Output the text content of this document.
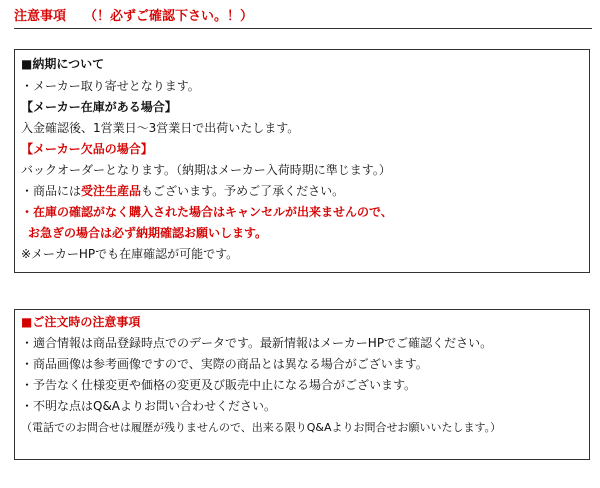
注意事項 （！必ずご確認下さい。！）
■納期について
・メーカー取り寄せとなります。
【メーカー在庫がある場合】
入金確認後、1営業日〜3営業日で出荷いたします。
【メーカー欠品の場合】
バックオーダーとなります。（納期はメーカー入荷時期に準じます。）
・商品には受注生産品もございます。予めご了承ください。
・在庫の確認がなく購入された場合はキャンセルが出来ませんので、
お急ぎの場合は必ず納期確認お願いします。
※メーカーHPでも在庫確認が可能です。
■ご注文時の注意事項
・適合情報は商品登録時点でのデータです。最新情報はメーカーHPでご確認ください。
・商品画像は参考画像ですので、実際の商品とは異なる場合がございます。
・予告なく仕様変更や価格の変更及び販売中止になる場合がございます。
・不明な点はQ&Aよりお問い合わせください。
（電話でのお問合せは履歴が残りませんので、出来る限りQ&Aよりお問合せお願いいたします。）
